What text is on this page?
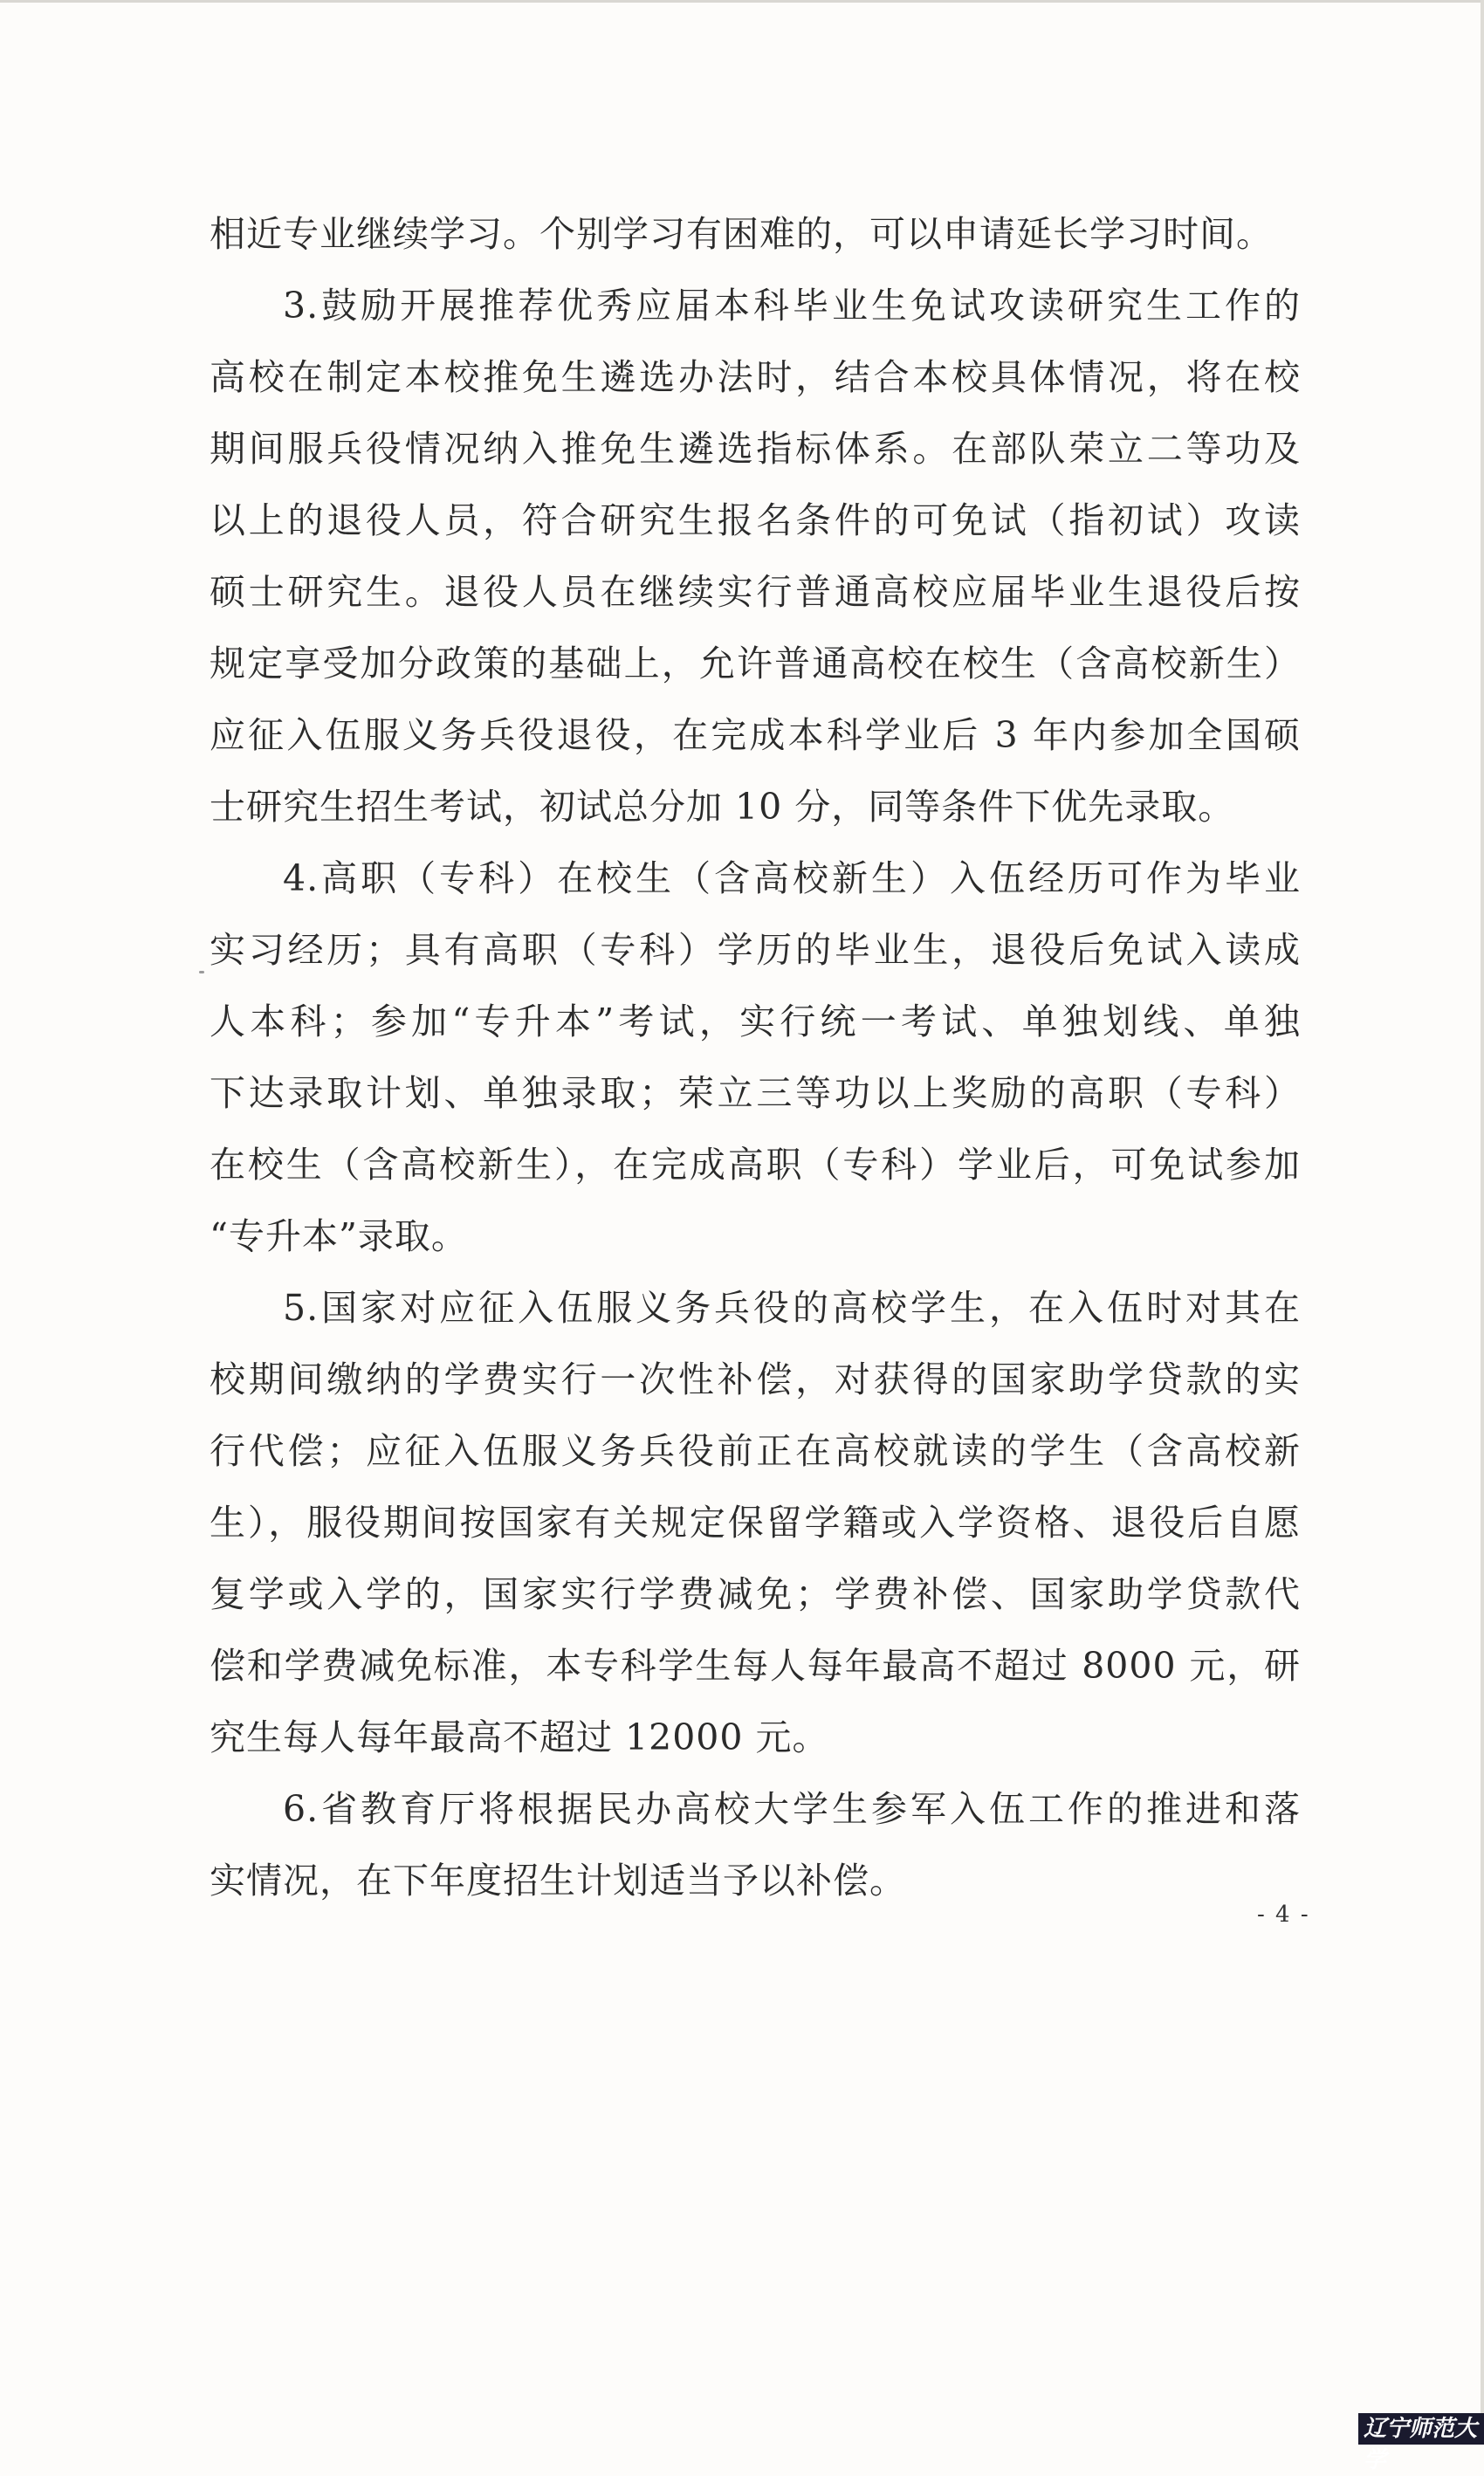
相近专业继续学习。个别学习有困难的，可以申请延长学习时间。
3.鼓励开展推荐优秀应届本科毕业生免试攻读研究生工作的
高校在制定本校推免生遴选办法时，结合本校具体情况，将在校
期间服兵役情况纳入推免生遴选指标体系。在部队荣立二等功及
以上的退役人员，符合研究生报名条件的可免试（指初试）攻读
硕士研究生。退役人员在继续实行普通高校应届毕业生退役后按
规定享受加分政策的基础上，允许普通高校在校生（含高校新生）
应征入伍服义务兵役退役，在完成本科学业后 3 年内参加全国硕
士研究生招生考试，初试总分加 10 分，同等条件下优先录取。
4.高职（专科）在校生（含高校新生）入伍经历可作为毕业
实习经历；具有高职（专科）学历的毕业生，退役后免试入读成
人本科；参加“专升本”考试，实行统一考试、单独划线、单独
下达录取计划、单独录取；荣立三等功以上奖励的高职（专科）
在校生（含高校新生），在完成高职（专科）学业后，可免试参加
“专升本”录取。
5.国家对应征入伍服义务兵役的高校学生，在入伍时对其在
校期间缴纳的学费实行一次性补偿，对获得的国家助学贷款的实
行代偿；应征入伍服义务兵役前正在高校就读的学生（含高校新
生），服役期间按国家有关规定保留学籍或入学资格、退役后自愿
复学或入学的，国家实行学费减免；学费补偿、国家助学贷款代
偿和学费减免标准，本专科学生每人每年最高不超过 8000 元，研
究生每人每年最高不超过 12000 元。
6.省教育厅将根据民办高校大学生参军入伍工作的推进和落
实情况，在下年度招生计划适当予以补偿。
- 4 -
辽宁师范大学
